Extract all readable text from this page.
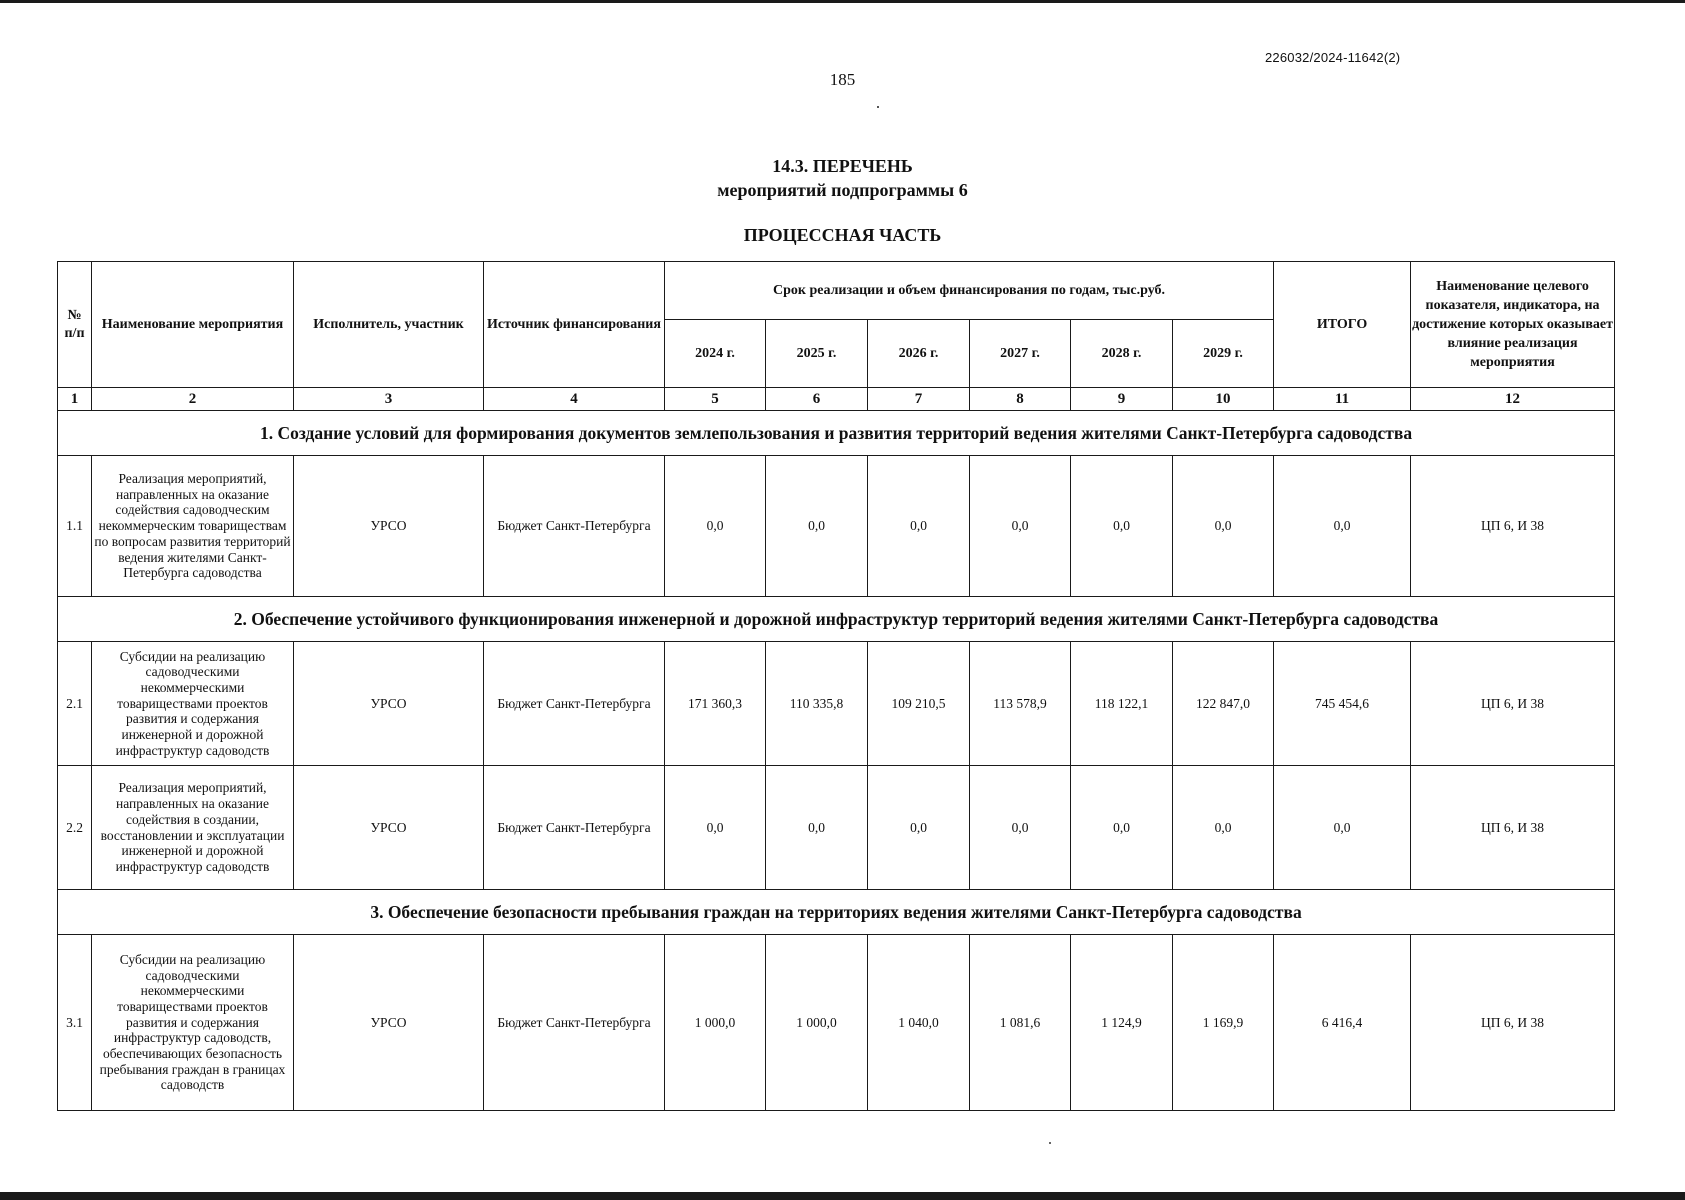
226032/2024-11642(2)
185
14.3. ПЕРЕЧЕНЬ
мероприятий подпрограммы 6
ПРОЦЕССНАЯ ЧАСТЬ
№ п/п	Наименование мероприятия	Исполнитель, участник	Источник финансирования	Срок реализации и объем финансирования по годам, тыс.руб.						ИТОГО	Наименование целевого показателя, индикатора, на достижение которых оказывает влияние реализация мероприятия
				2024 г.	2025 г.	2026 г.	2027 г.	2028 г.	2029 г.		
1	2	3	4	5	6	7	8	9	10	11	12
1. Создание условий для формирования документов землепользования и развития территорий ведения жителями Санкт-Петербурга садоводства											
1.1	Реализация мероприятий, направленных на оказание содействия садоводческим некоммерческим товариществам по вопросам развития территорий ведения жителями Санкт-Петербурга садоводства	УРСО	Бюджет Санкт-Петербурга	0,0	0,0	0,0	0,0	0,0	0,0	0,0	ЦП 6, И 38
2. Обеспечение устойчивого функционирования инженерной и дорожной инфраструктур территорий ведения жителями Санкт-Петербурга садоводства											
2.1	Субсидии на реализацию садоводческими некоммерческими товариществами проектов развития и содержания инженерной и дорожной инфраструктур садоводств	УРСО	Бюджет Санкт-Петербурга	171 360,3	110 335,8	109 210,5	113 578,9	118 122,1	122 847,0	745 454,6	ЦП 6, И 38
2.2	Реализация мероприятий, направленных на оказание содействия в создании, восстановлении и эксплуатации инженерной и дорожной инфраструктур садоводств	УРСО	Бюджет Санкт-Петербурга	0,0	0,0	0,0	0,0	0,0	0,0	0,0	ЦП 6, И 38
3. Обеспечение безопасности пребывания граждан на территориях ведения жителями Санкт-Петербурга садоводства											
3.1	Субсидии на реализацию садоводческими некоммерческими товариществами проектов развития и содержания инфраструктур садоводств, обеспечивающих безопасность пребывания граждан в границах садоводств	УРСО	Бюджет Санкт-Петербурга	1 000,0	1 000,0	1 040,0	1 081,6	1 124,9	1 169,9	6 416,4	ЦП 6, И 38
